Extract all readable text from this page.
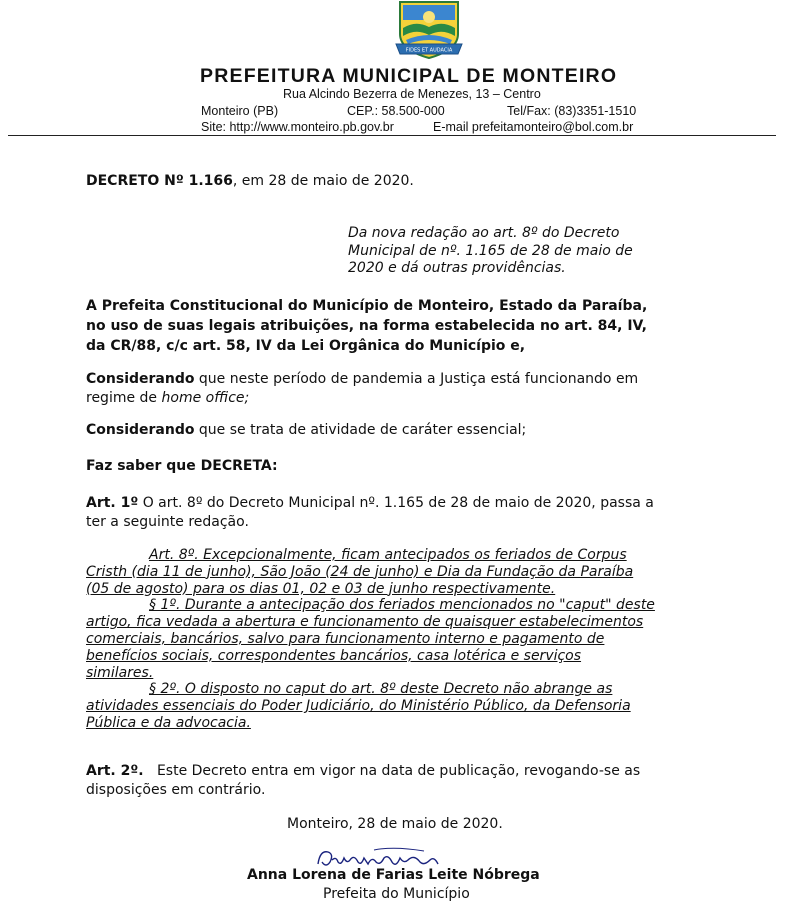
FIDES ET AUDACIA
PREFEITURA MUNICIPAL DE MONTEIRO
Rua Alcindo Bezerra de Menezes, 13 – Centro
Monteiro (PB)	CEP.: 58.500-000	Tel/Fax: (83)3351-1510
Site: http://www.monteiro.pb.gov.br	E-mail prefeitamonteiro@bol.com.br
DECRETO Nº 1.166, em 28 de maio de 2020.
Da nova redação ao art. 8º do Decreto
Municipal de nº. 1.165 de 28 de maio de
2020 e dá outras providências.
A Prefeita Constitucional do Município de Monteiro, Estado da Paraíba,
no uso de suas legais atribuições, na forma estabelecida no art. 84, IV,
da CR/88, c/c art. 58, IV da Lei Orgânica do Município e,
Considerando que neste período de pandemia a Justiça está funcionando em
regime de home office;
Considerando que se trata de atividade de caráter essencial;
Faz saber que DECRETA:
Art. 1º O art. 8º do Decreto Municipal nº. 1.165 de 28 de maio de 2020, passa a
ter a seguinte redação.
Art. 8º. Excepcionalmente, ficam antecipados os feriados de Corpus
Cristh (dia 11 de junho), São João (24 de junho) e Dia da Fundação da Paraíba
(05 de agosto) para os dias 01, 02 e 03 de junho respectivamente.
§ 1º. Durante a antecipação dos feriados mencionados no "caput" deste
artigo, fica vedada a abertura e funcionamento de quaisquer estabelecimentos
comerciais, bancários, salvo para funcionamento interno e pagamento de
benefícios sociais, correspondentes bancários, casa lotérica e serviços
similares.
§ 2º. O disposto no caput do art. 8º deste Decreto não abrange as
atividades essenciais do Poder Judiciário, do Ministério Público, da Defensoria
Pública e da advocacia.
Art. 2º. Este Decreto entra em vigor na data de publicação, revogando-se as
disposições em contrário.
Monteiro, 28 de maio de 2020.
Anna Lorena de Farias Leite Nóbrega
Prefeita do Município
